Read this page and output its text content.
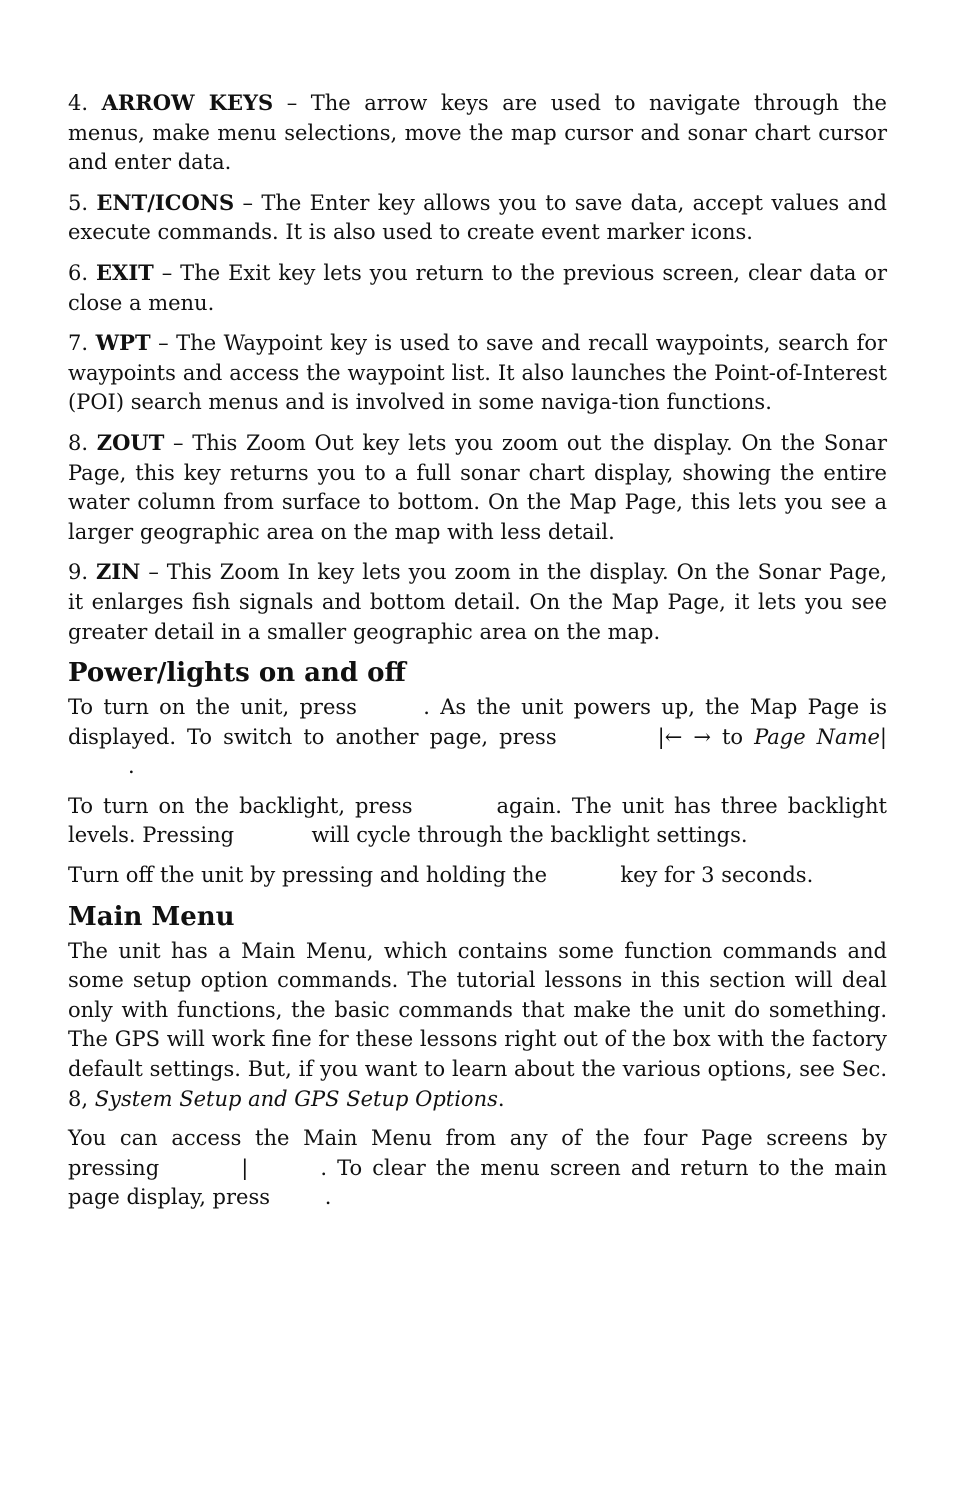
4. ARROW KEYS – The arrow keys are used to navigate through the menus, make menu selections, move the map cursor and sonar chart cursor and enter data.

5. ENT/ICONS – The Enter key allows you to save data, accept values and execute commands. It is also used to create event marker icons.

6. EXIT – The Exit key lets you return to the previous screen, clear data or close a menu.

7. WPT – The Waypoint key is used to save and recall waypoints, search for waypoints and access the waypoint list. It also launches the Point-of-Interest (POI) search menus and is involved in some naviga-tion functions.

8. ZOUT – This Zoom Out key lets you zoom out the display. On the Sonar Page, this key returns you to a full sonar chart display, showing the entire water column from surface to bottom. On the Map Page, this lets you see a larger geographic area on the map with less detail.

9. ZIN – This Zoom In key lets you zoom in the display. On the Sonar Page, it enlarges fish signals and bottom detail. On the Map Page, it lets you see greater detail in a smaller geographic area on the map.

Power/lights on and off

To turn on the unit, press	. As the unit powers up, the Map Page is displayed. To switch to another page, press	|← → to Page Name|.

To turn on the backlight, press	again. The unit has three backlight levels. Pressing	will cycle through the backlight settings.

Turn off the unit by pressing and holding the	key for 3 seconds.

Main Menu

The unit has a Main Menu, which contains some function commands and some setup option commands. The tutorial lessons in this section will deal only with functions, the basic commands that make the unit do something. The GPS will work fine for these lessons right out of the box with the factory default settings. But, if you want to learn about the various options, see Sec. 8, System Setup and GPS Setup Options.

You can access the Main Menu from any of the four Page screens by pressing	|	. To clear the menu screen and return to the main page display, press .
